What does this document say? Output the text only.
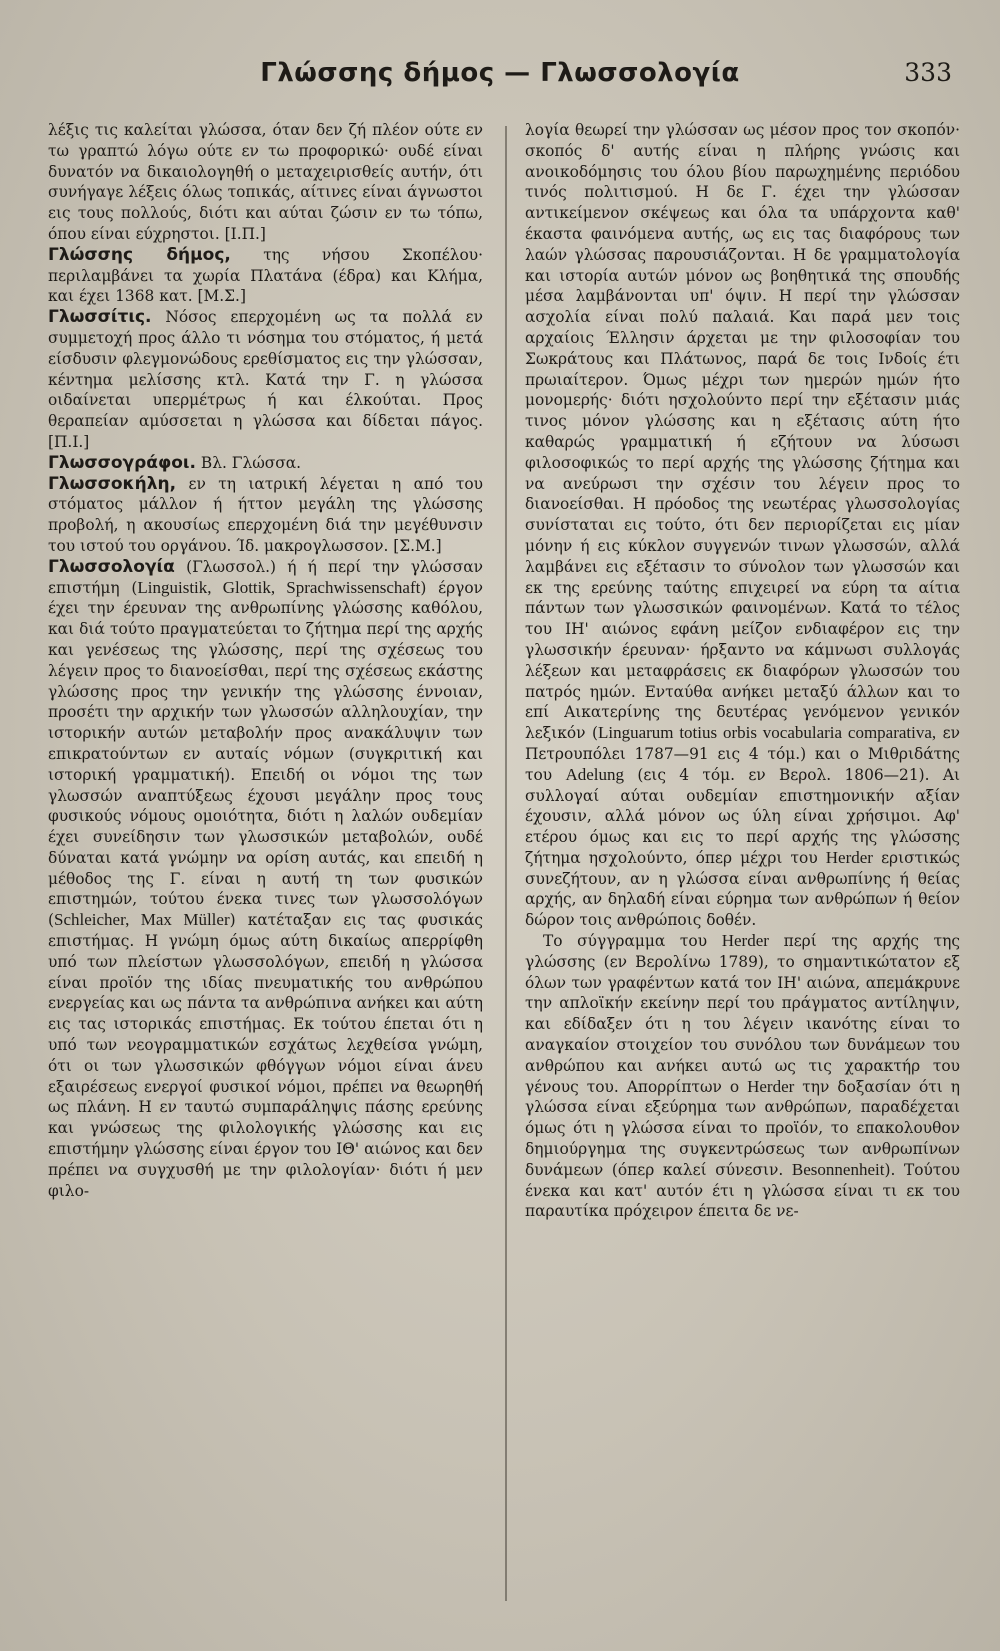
Γλώσσης δήμος — Γλωσσολογία	333

λέξις τις καλείται γλώσσα, όταν δεν ζή πλέον ούτε εν τω γραπτώ λόγω ούτε εν τω προφορικώ· ουδέ είναι δυνατόν να δικαιολογηθή ο μεταχειρισθείς αυτήν, ότι συνήγαγε λέξεις όλως τοπικάς, αίτινες είναι άγνωστοι εις τους πολλούς, διότι και αύται ζώσιν εν τω τόπω, όπου είναι εύχρηστοι. [Ι.Π.]

Γλώσσης δήμος, της νήσου Σκοπέλου· περιλαμβάνει τα χωρία Πλατάνα (έδρα) και Κλήμα, και έχει 1368 κατ. [Μ.Σ.]

Γλωσσίτις. Νόσος επερχομένη ως τα πολλά εν συμμετοχή προς άλλο τι νόσημα του στόματος, ή μετά είσδυσιν φλεγμονώδους ερεθίσματος εις την γλώσσαν, κέντημα μελίσσης κτλ. Κατά την Γ. η γλώσσα οιδαίνεται υπερμέτρως ή και έλκούται. Προς θεραπείαν αμύσσεται η γλώσσα και δίδεται πάγος. [Π.Ι.]

Γλωσσογράφοι. Βλ. Γλώσσα.

Γλωσσοκήλη, εν τη ιατρική λέγεται η από του στόματος μάλλον ή ήττον μεγάλη της γλώσσης προβολή, η ακουσίως επερχομένη διά την μεγέθυνσιν του ιστού του οργάνου. Ίδ. μακρογλωσσον. [Σ.Μ.]

Γλωσσολογία (Γλωσσολ.) ή ή περί την γλώσσαν επιστήμη (Linguistik, Glottik, Sprachwissenschaft) έργον έχει την έρευναν της ανθρωπίνης γλώσσης καθόλου, και διά τούτο πραγματεύεται το ζήτημα περί της αρχής και γενέσεως της γλώσσης, περί της σχέσεως του λέγειν προς το διανοείσθαι, περί της σχέσεως εκάστης γλώσσης προς την γενικήν της γλώσσης έννοιαν, προσέτι την αρχικήν των γλωσσών αλληλουχίαν, την ιστορικήν αυτών μεταβολήν προς ανακάλυψιν των επικρατούντων εν αυταίς νόμων (συγκριτική και ιστορική γραμματική). Επειδή οι νόμοι της των γλωσσών αναπτύξεως έχουσι μεγάλην προς τους φυσικούς νόμους ομοιότητα, διότι η λαλών ουδεμίαν έχει συνείδησιν των γλωσσικών μεταβολών, ουδέ δύναται κατά γνώμην να ορίση αυτάς, και επειδή η μέθοδος της Γ. είναι η αυτή τη των φυσικών επιστημών, τούτου ένεκα τινες των γλωσσολόγων (Schleicher, Max Müller) κατέταξαν εις τας φυσικάς επιστήμας. Η γνώμη όμως αύτη δικαίως απερρίφθη υπό των πλείστων γλωσσολόγων, επειδή η γλώσσα είναι προϊόν της ιδίας πνευματικής του ανθρώπου ενεργείας και ως πάντα τα ανθρώπινα ανήκει και αύτη εις τας ιστορικάς επιστήμας. Εκ τούτου έπεται ότι η υπό των νεογραμματικών εσχάτως λεχθείσα γνώμη, ότι οι των γλωσσικών φθόγγων νόμοι είναι άνευ εξαιρέσεως ενεργοί φυσικοί νόμοι, πρέπει να θεωρηθή ως πλάνη. Η εν ταυτώ συμπαράληψις πάσης ερεύνης και γνώσεως της φιλολογικής γλώσσης και εις επιστήμην γλώσσης είναι έργον του ΙΘ' αιώνος και δεν πρέπει να συγχυσθή με την φιλολογίαν· διότι ή μεν φιλο-

λογία θεωρεί την γλώσσαν ως μέσον προς τον σκοπόν· σκοπός δ' αυτής είναι η πλήρης γνώσις και ανοικοδόμησις του όλου βίου παρωχημένης περιόδου τινός πολιτισμού. Η δε Γ. έχει την γλώσσαν αντικείμενον σκέψεως και όλα τα υπάρχοντα καθ' έκαστα φαινόμενα αυτής, ως εις τας διαφόρους των λαών γλώσσας παρουσιάζονται. Η δε γραμματολογία και ιστορία αυτών μόνον ως βοηθητικά της σπουδής μέσα λαμβάνονται υπ' όψιν. Η περί την γλώσσαν ασχολία είναι πολύ παλαιά. Και παρά μεν τοις αρχαίοις Έλλησιν άρχεται με την φιλοσοφίαν του Σωκράτους και Πλάτωνος, παρά δε τοις Ινδοίς έτι πρωιαίτερον. Όμως μέχρι των ημερών ημών ήτο μονομερής· διότι ησχολούντο περί την εξέτασιν μιάς τινος μόνον γλώσσης και η εξέτασις αύτη ήτο καθαρώς γραμματική ή εζήτουν να λύσωσι φιλοσοφικώς το περί αρχής της γλώσσης ζήτημα και να ανεύρωσι την σχέσιν του λέγειν προς το διανοείσθαι. Η πρόοδος της νεωτέρας γλωσσολογίας συνίσταται εις τούτο, ότι δεν περιορίζεται εις μίαν μόνην ή εις κύκλον συγγενών τινων γλωσσών, αλλά λαμβάνει εις εξέτασιν το σύνολον των γλωσσών και εκ της ερεύνης ταύτης επιχειρεί να εύρη τα αίτια πάντων των γλωσσικών φαινομένων. Κατά το τέλος του ΙΗ' αιώνος εφάνη μείζον ενδιαφέρον εις την γλωσσικήν έρευναν· ήρξαντο να κάμνωσι συλλογάς λέξεων και μεταφράσεις εκ διαφόρων γλωσσών του πατρός ημών. Ενταύθα ανήκει μεταξύ άλλων και το επί Αικατερίνης της δευτέρας γενόμενον γενικόν λεξικόν (Linguarum totius orbis vocabularia comparativa, εν Πετρουπόλει 1787—91 εις 4 τόμ.) και ο Μιθριδάτης του Adelung (εις 4 τόμ. εν Βερολ. 1806—21). Αι συλλογαί αύται ουδεμίαν επιστημονικήν αξίαν έχουσιν, αλλά μόνον ως ύλη είναι χρήσιμοι. Αφ' ετέρου όμως και εις το περί αρχής της γλώσσης ζήτημα ησχολούντο, όπερ μέχρι του Herder εριστικώς συνεζήτουν, αν η γλώσσα είναι ανθρωπίνης ή θείας αρχής, αν δηλαδή είναι εύρημα των ανθρώπων ή θείον δώρον τοις ανθρώποις δοθέν.

Το σύγγραμμα του Herder περί της αρχής της γλώσσης (εν Βερολίνω 1789), το σημαντικώτατον εξ όλων των γραφέντων κατά τον ΙΗ' αιώνα, απεμάκρυνε την απλοϊκήν εκείνην περί του πράγματος αντίληψιν, και εδίδαξεν ότι η του λέγειν ικανότης είναι το αναγκαίον στοιχείον του συνόλου των δυνάμεων του ανθρώπου και ανήκει αυτώ ως τις χαρακτήρ του γένους του. Απορρίπτων ο Herder την δοξασίαν ότι η γλώσσα είναι εξεύρημα των ανθρώπων, παραδέχεται όμως ότι η γλώσσα είναι το προϊόν, το επακολουθον δημιούργημα της συγκεντρώσεως των ανθρωπίνων δυνάμεων (όπερ καλεί σύνεσιν. Besonnenheit). Τούτου ένεκα και κατ' αυτόν έτι η γλώσσα είναι τι εκ του παραυτίκα πρόχειρον έπειτα δε νε-
